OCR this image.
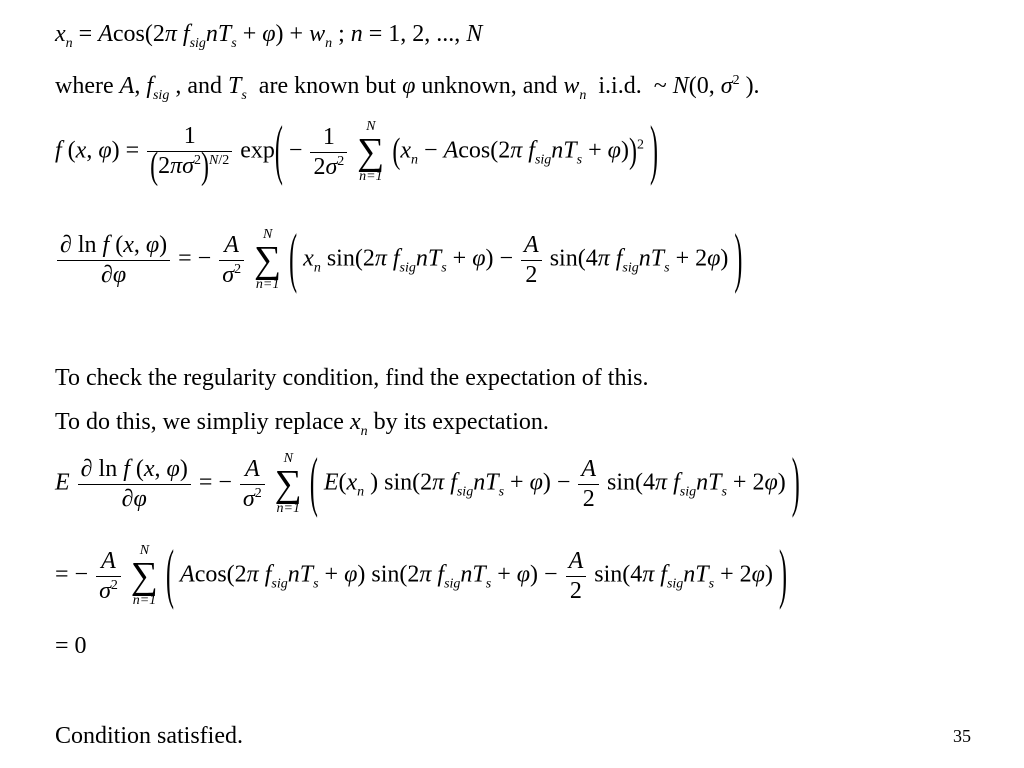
$x_n = Acos(2\pi$ $f_{sig}nT_s + \varphi) + w_n$ ; n = 1, 2, ..., N
where A, $f_{sig}$ , and $T_s$  are known but φ unknown, and $w_n$  i.i.d.  ~ N(0, $\sigma^2$ ).
f (x, $\varphi) = \frac{1}{(2\pi\sigma^2)^{N/2}} \exp( - \frac{1}{2\sigma^2}$
	N
∑
n=1
($x_n - Acos(2\pi$ $f_{sig}nT_s + \varphi))^2$ )
$\frac{\text{∂ ln f (x, φ)}}{\partial\varphi}$ = − $\frac{A}{\sigma^2}$
	N
∑
n=1 ( $x_n$ sin(2π $f_{sig}nT_s + \varphi) - \frac{A}{2} \sin(4\pi$ $f_{sig}nT_s + 2\varphi$) )
To check the regularity condition, find the expectation of this.
To do this, we simpliy replace $x_n$ by its expectation.
E $\frac{\text{∂ ln f (x, φ)}}{\partial\varphi}$ = − $\frac{A}{\sigma^2}$
	N
∑
n=1 ( $E(x_n$ ) sin(2π $f_{sig}nT_s + \varphi) - \frac{A}{2} \sin(4\pi$ $f_{sig}nT_s + 2\varphi$) )
= − $\frac{A}{\sigma^2}$
	N
∑
n=1 ( Acos(2π $f_{sig}nT_s + \varphi$) sin(2π $f_{sig}nT_s + \varphi) - \frac{A}{2} \sin(4\pi$ $f_{sig}nT_s + 2\varphi$) )
= 0
Condition satisfied.	35
